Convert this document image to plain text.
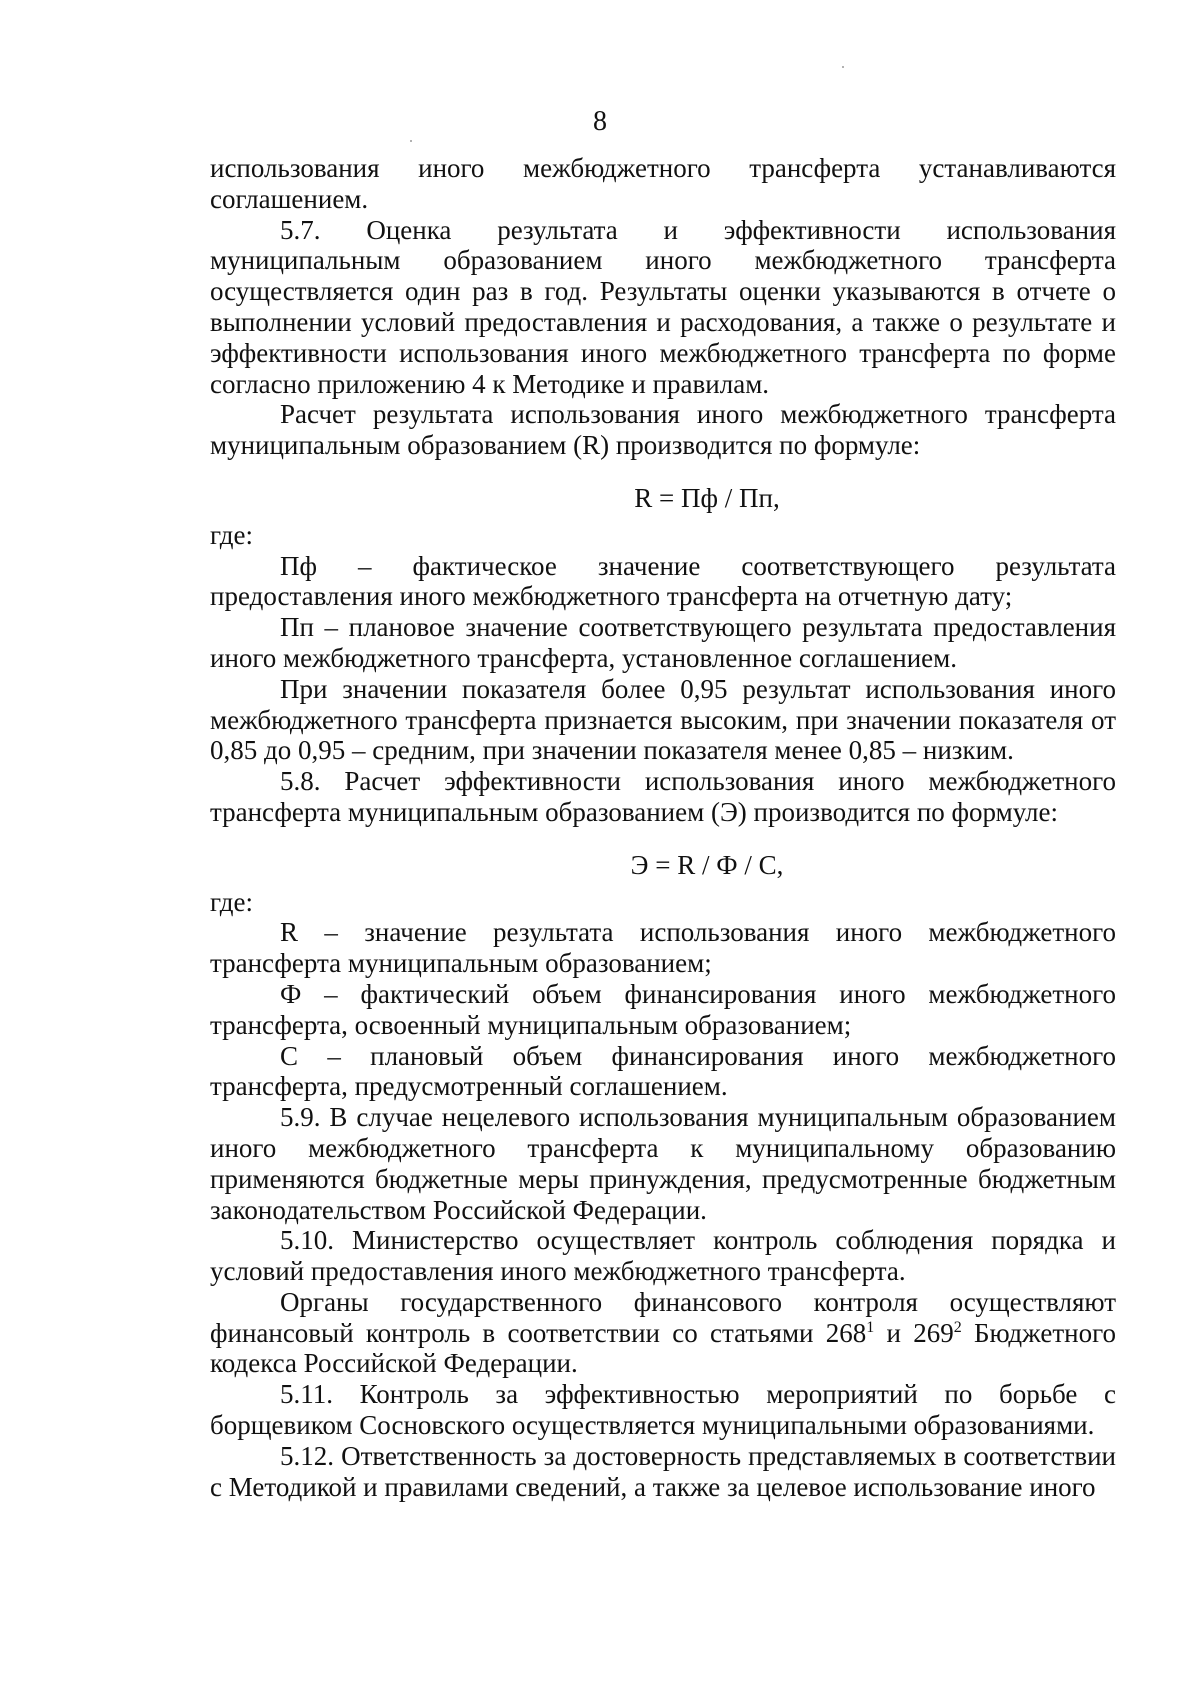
8

использования иного межбюджетного трансферта устанавливаются соглашением.

5.7. Оценка результата и эффективности использования муниципальным образованием иного межбюджетного трансферта осуществляется один раз в год. Результаты оценки указываются в отчете о выполнении условий предоставления и расходования, а также о результате и эффективности использования иного межбюджетного трансферта по форме согласно приложению 4 к Методике и правилам.

Расчет результата использования иного межбюджетного трансферта муниципальным образованием (R) производится по формуле:

R = Пф / Пп,

где:

Пф – фактическое значение соответствующего результата предоставления иного межбюджетного трансферта на отчетную дату;

Пп – плановое значение соответствующего результата предоставления иного межбюджетного трансферта, установленное соглашением.

При значении показателя более 0,95 результат использования иного межбюджетного трансферта признается высоким, при значении показателя от 0,85 до 0,95 – средним, при значении показателя менее 0,85 – низким.

5.8. Расчет эффективности использования иного межбюджетного трансферта муниципальным образованием (Э) производится по формуле:

Э = R / Ф / С,

где:

R – значение результата использования иного межбюджетного трансферта муниципальным образованием;

Ф – фактический объем финансирования иного межбюджетного трансферта, освоенный муниципальным образованием;

С – плановый объем финансирования иного межбюджетного трансферта, предусмотренный соглашением.

5.9. В случае нецелевого использования муниципальным образованием иного межбюджетного трансферта к муниципальному образованию применяются бюджетные меры принуждения, предусмотренные бюджетным законодательством Российской Федерации.

5.10. Министерство осуществляет контроль соблюдения порядка и условий предоставления иного межбюджетного трансферта.

Органы государственного финансового контроля осуществляют финансовый контроль в соответствии со статьями $268^1$ и $269^2$ Бюджетного кодекса Российской Федерации.

5.11. Контроль за эффективностью мероприятий по борьбе с борщевиком Сосновского осуществляется муниципальными образованиями.

5.12. Ответственность за достоверность представляемых в соответствии с Методикой и правилами сведений, а также за целевое использование иного
